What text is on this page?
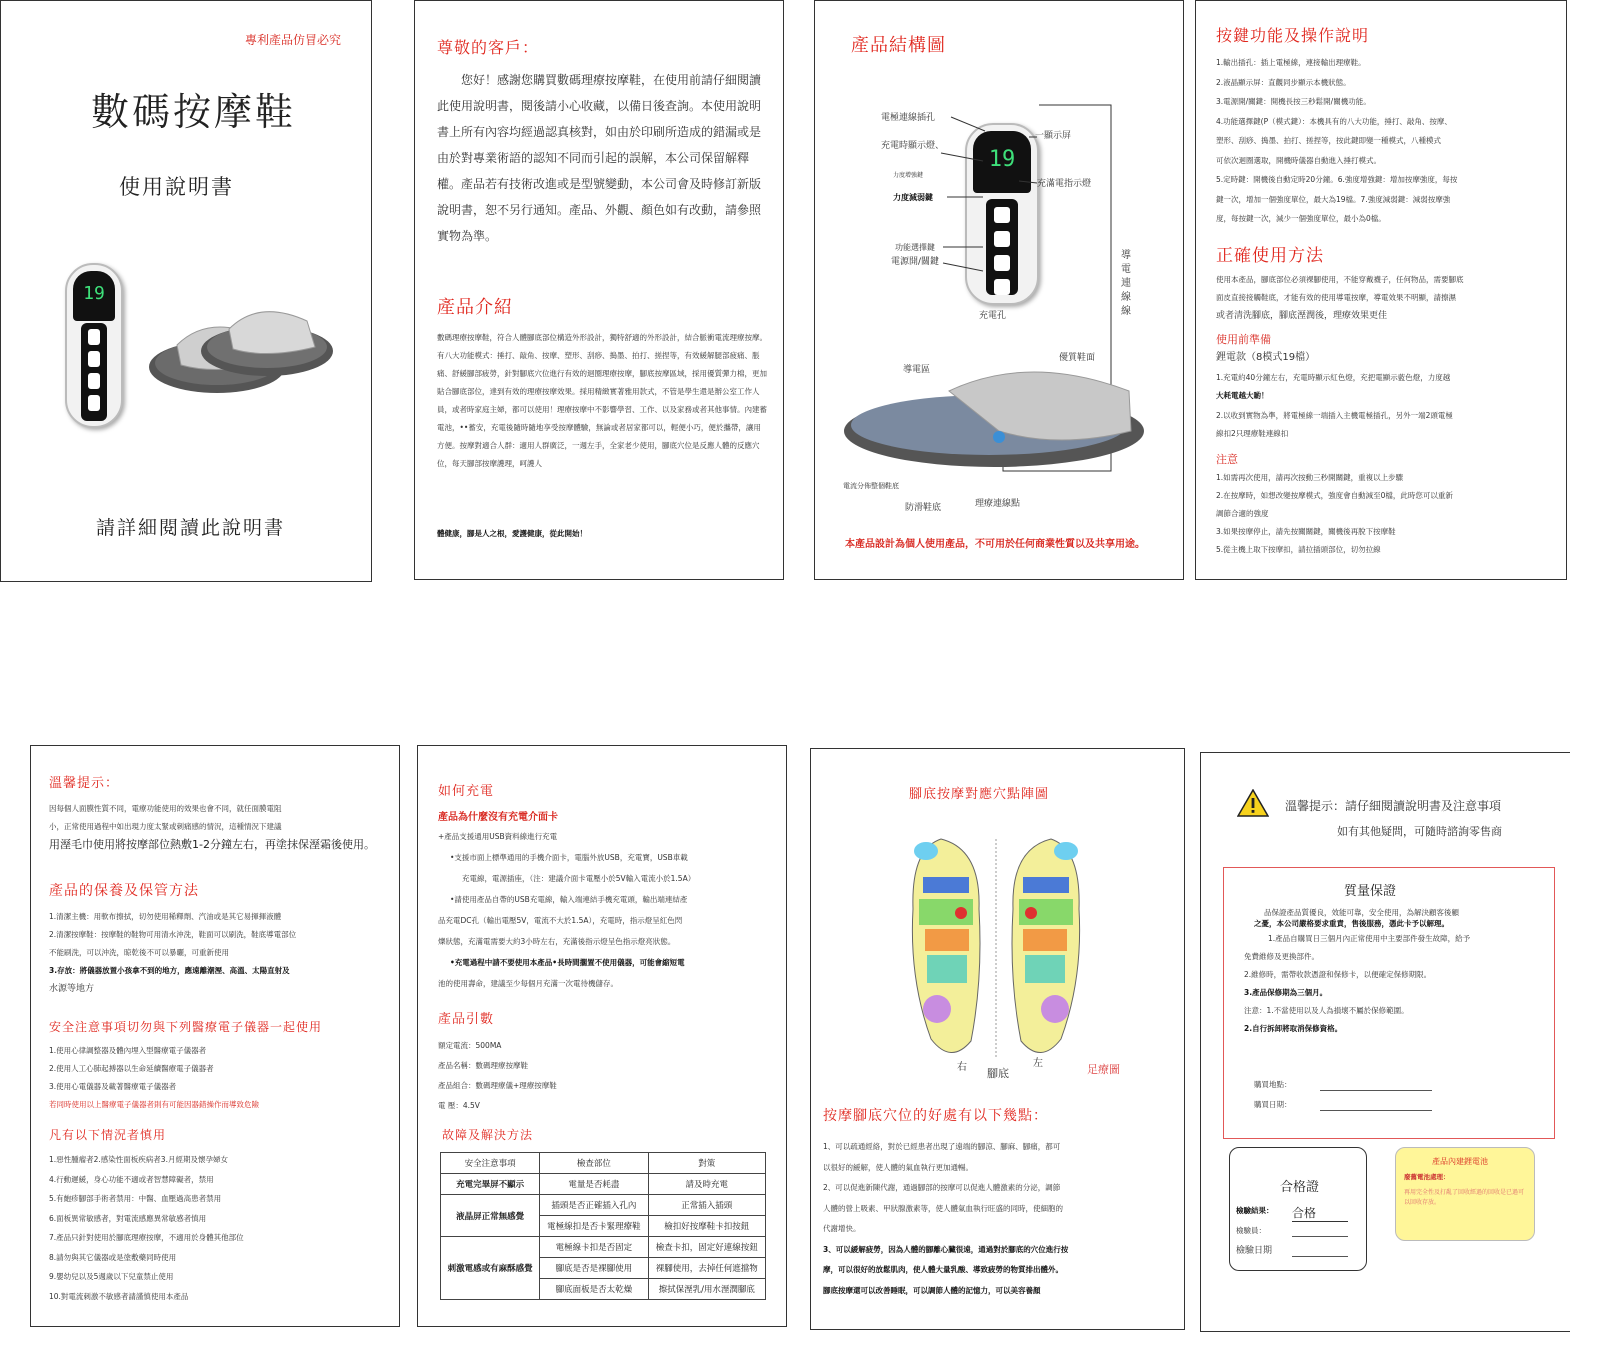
專利產品仿冒必究
數碼按摩鞋
使用說明書
19
請詳細閱讀此說明書
尊敬的客戶：
您好！感謝您購買數碼理療按摩鞋，在使用前請仔細閱讀此使用說明書，閱後請小心收藏，以備日後查詢。本使用說明書上所有內容均經過認真核對，如由於印刷所造成的錯漏或是由於對專業術語的認知不同而引起的誤解，本公司保留解釋權。產品若有技術改進或是型號變動，本公司會及時修訂新版說明書，恕不另行通知。產品、外觀、顏色如有改動，請參照實物為準。
產品介紹
數碼理療按摩鞋，符合人體腳底部位構造外形設計，獨特舒適的外形設計，結合脈衝電流理療按摩。有八大功能模式：捶打、敲角、按摩、塑形、刮痧、搗墨、拍打、搓捏等，有效緩解腿部疲痛、脹痛、舒緩腳部疲勞，針對腳底穴位進行有效的迴圈理療按摩，腳底按摩區域，採用優質彈力棉，更加貼合腳底部位，達到有效的理療按摩效果。採用精緻實著雅用款式，不管是學生還是辦公室工作人員，或者時家庭主婦，都可以使用！理療按摩中不影響學習、工作、以及家務或者其他事情。內建蓄電池，••蓄安，充電後隨時隨地享受按摩體驗，無論或者居家都可以，輕便小巧，便於攜帶，讓用方便。按摩對適合人群：適用人群廣泛，一週左手，全家老少使用，腳底穴位是反應人體的反應穴位，每天腳部按摩護理，呵護人
體健康，腳是人之根，愛護健康，從此開始！
產品結構圖
19
電極連線插孔
一顯示屏
充電時顯示燈、
力度增強鍵
力度減弱鍵
充滿電指示燈
功能選擇鍵
電源開/關鍵
充電孔
導電連線線
導電區
優質鞋面
電流分佈整個鞋底
防滑鞋底	理療連線點
本產品設計為個人使用產品，不可用於任何商業性質以及共享用途。
按鍵功能及操作說明
1.輸出插孔：插上電極線，連接輸出理療鞋。
2.液晶顯示屏：直觀同步顯示本機狀態。
3.電源開/關鍵：開機長按三秒鬆開/關機功能。
4.功能選擇鍵(P（模式鍵）：本機具有的八大功能，捶打、敲角、按摩、
塑形、刮痧、搗墨、拍打、搓捏等，按此鍵即變一種模式，八種模式
可依次迴圈選取，開機時儀器自動進入捶打模式。
5.定時鍵：開機後自動定時20分鐘。6.強度增強鍵：增加按摩強度，每按
鍵一次，增加一個強度單位，最大為19檔。7.強度減弱鍵：減弱按摩強
度，每按鍵一次，減少一個強度單位，最小為0檔。
正確使用方法
使用本產品，腳底部位必須裸腳使用，不能穿戴襪子，任何物品，需要腳底
面皮直接接觸鞋底，才能有效的使用導電按摩，導電效果不明顯，請擦濕
或者清洗腳底，腳底溼潤後，理療效果更佳
使用前準備
鋰電款（8模式19檔）
1.充電約40分鐘左右，充電時顯示紅色燈，充把電顯示藍色燈，力度越
大耗電越大喲！
2.以收到實物為準，將電極線一端插入主機電極插孔，另外一端2頭電極
線扣2只理療鞋連線扣
注意
1.如需再次使用，請再次按動三秒開關鍵，重複以上步驟
2.在按摩時，如想改變按摩模式，強度會自動減至0檔，此時您可以重新
調節合適的強度
3.如果按摩停止，請先按關關鍵，關機後再脫下按摩鞋
5.從主機上取下按摩扣，請拉插頭部位，切勿拉線
溫馨提示：
因每個人面膜性質不同，電療功能使用的效果也會不同，就任面膜電阻
小，正常使用過程中如出現力度太緊或刺痛感的情況，這種情況下建議
用溼毛巾使用將按摩部位熱敷1-2分鐘左右，再塗抹保溼霜後使用。
產品的保養及保管方法
1.清潔主機：用軟布擦拭，切勿使用稀釋劑、汽油或是其它易揮揮液體
2.清潔按摩鞋：按摩鞋的鞋物可用清水沖洗，鞋面可以刷洗，鞋底導電部位
不能刷洗，可以沖洗，晾乾後不可以暴曬，可重新使用
3.存放：將儀器放置小孩拿不到的地方，應遠離潮溼、高溫、太陽直射及
水源等地方
安全注意事項切勿與下列醫療電子儀器一起使用
1.使用心律調整器及體內埋入型醫療電子儀器者
2.使用人工心肺起搏器以生命延續醫療電子儀器者
3.使用心電儀器及載著醫療電子儀器者
若同時使用以上醫療電子儀器者則有可能因器錯操作而導致危險
凡有以下情況者慎用
1.惡性腫瘤者2.感染性面板疾病者3.月經期及懷孕婦女
4.行動遲緩，身心功能不適或者智慧障礙者，禁用
5.有皰疹腳部手術者禁用：中醫、血壓過高患者禁用
6.面板異常敏感者，對電流感應異常敏感者慎用
7.產品只針對使用於腳底理療按摩，不適用於身體其他部位
8.請勿與其它儀器或是塗敷藥同時使用
9.嬰幼兒以及5週歲以下兒童禁止使用
10.對電流刺激不敏感者請謹慎使用本產品
如何充電
產品為什麼沒有充電介面卡
+產品支援通用USB資料線進行充電
•支援市面上標準通用的手機介面卡，電腦外放USB，充電寶，USB車載
充電線，電源插座，（注：建議介面卡電壓小於5V輸入電流小於1.5A）
•請使用產品自帶的USB充電線，輸入端連結手機充電頭，輸出端連結產
品充電DC孔（輸出電壓5V，電流不大於1.5A），充電時，指示燈呈紅色閃
爍狀態，充滿電需要大約3小時左右，充滿後指示燈呈色指示燈亮狀態。
•充電過程中請不要使用本產品•長時間擱置不使用儀器，可能會縮短電
池的使用壽命，建議至少每個月充滿一次電待機儲存。
產品引數
額定電流：500MA
產品名稱：數碼理療按摩鞋
產品組合：數碼理療儀+理療按摩鞋
電 壓：4.5V
故障及解決方法
安全注意事項	檢查部位	對策
充電完畢屏不顯示	電量是否耗盡	請及時充電
液晶屏正常無感覺	插頭是否正確插入孔內	正常插入插頭
	電極線扣是否卡緊理療鞋	檢扣好按摩鞋卡扣按鈕
刺激電感或有麻酥感覺	電極線卡扣是否固定	檢查卡扣，固定好連線按鈕
	腳底是否是裸腳使用	裸腳使用，去掉任何遮擋物
	腳底面板是否太乾燥	擦拭保溼乳/用水溼潤腳底
腳底按摩對應穴點陣圖
右	左
腳底	足療圖
按摩腳底穴位的好處有以下幾點：
1、可以疏通經絡，對於已經患者出現了遠端的腳涼、腳麻、腳痛，都可
以很好的緩解，使人體的氣血執行更加通暢。
2、可以促進新陳代謝，通過腳部的按摩可以促進人體激素的分泌，調節
人體的營上吸素、甲狀腺激素等，使人體氣血執行旺盛的同時，使細胞的
代謝增快。
3、可以緩解疲勞，因為人體的腳離心臟很遠，通過對於腳底的穴位進行按
摩，可以很好的放鬆肌肉，使人體大量乳酸、導致疲勞的物質排出體外。
腳底按摩還可以改善睡眠，可以調節人體的記憶力，可以美容養顏
溫馨提示：請仔細閱讀說明書及注意事項
如有其他疑問，可隨時諮詢零售商
質量保證
品保證產品質優良，效能可靠，安全使用，為解決顧客後顧
之憂，本公司嚴格要求重責，售後服務，憑此卡予以解理。
1.產品自購買日三個月內正常使用中主要部件發生故障，給予
免費維修及更換部件。
2.維修時，需帶收款憑證和保修卡，以便確定保修期限。
3.產品保修期為三個月。
注意：1.不當使用以及人為損壞不屬於保修範圍。
2.自行拆卸將取消保修資格。
購買地點：
購買日期：
合格證
檢驗結果： 合格
檢驗員：
檢驗日期
產品內建鋰電池
廢舊電池處理：
再用完全性及打亂了回收經過的回收是已過可以回收存放。
